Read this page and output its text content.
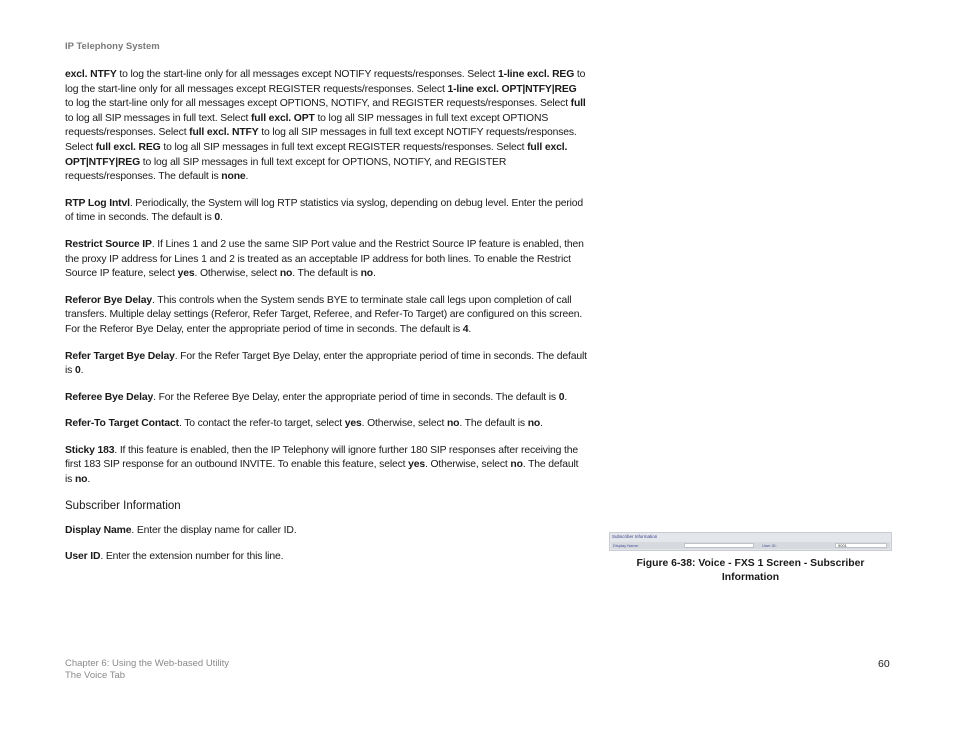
IP Telephony System

excl. NTFY to log the start-line only for all messages except NOTIFY requests/responses. Select 1-line excl. REG to log the start-line only for all messages except REGISTER requests/responses. Select 1-line excl. OPT|NTFY|REG to log the start-line only for all messages except OPTIONS, NOTIFY, and REGISTER requests/responses. Select full to log all SIP messages in full text. Select full excl. OPT to log all SIP messages in full text except OPTIONS requests/responses. Select full excl. NTFY to log all SIP messages in full text except NOTIFY requests/responses. Select full excl. REG to log all SIP messages in full text except REGISTER requests/responses. Select full excl. OPT|NTFY|REG to log all SIP messages in full text except for OPTIONS, NOTIFY, and REGISTER requests/responses. The default is none.

RTP Log Intvl. Periodically, the System will log RTP statistics via syslog, depending on debug level. Enter the period of time in seconds. The default is 0.

Restrict Source IP. If Lines 1 and 2 use the same SIP Port value and the Restrict Source IP feature is enabled, then the proxy IP address for Lines 1 and 2 is treated as an acceptable IP address for both lines. To enable the Restrict Source IP feature, select yes. Otherwise, select no. The default is no.

Referor Bye Delay. This controls when the System sends BYE to terminate stale call legs upon completion of call transfers. Multiple delay settings (Referor, Refer Target, Referee, and Refer-To Target) are configured on this screen. For the Referor Bye Delay, enter the appropriate period of time in seconds. The default is 4.

Refer Target Bye Delay. For the Refer Target Bye Delay, enter the appropriate period of time in seconds. The default is 0.

Referee Bye Delay. For the Referee Bye Delay, enter the appropriate period of time in seconds. The default is 0.

Refer-To Target Contact. To contact the refer-to target, select yes. Otherwise, select no. The default is no.

Sticky 183. If this feature is enabled, then the IP Telephony will ignore further 180 SIP responses after receiving the first 183 SIP response for an outbound INVITE. To enable this feature, select yes. Otherwise, select no. The default is no.

Subscriber Information

Display Name. Enter the display name for caller ID.

User ID. Enter the extension number for this line.

Subscriber Information
Display Name:	User ID:	9001
Figure 6-38: Voice - FXS 1 Screen - Subscriber
Information
Chapter 6: Using the Web-based Utility
The Voice Tab
60
